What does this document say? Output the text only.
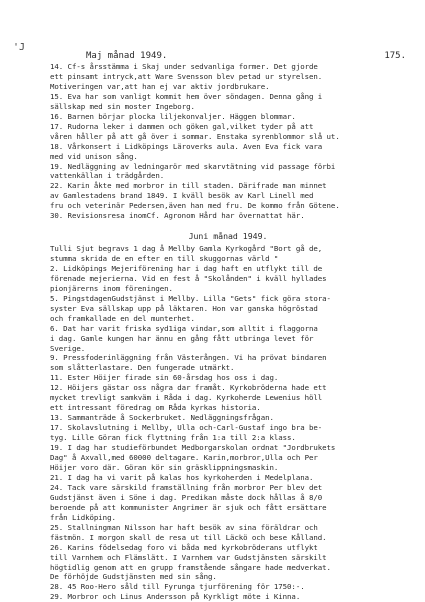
'J

Maj månad 1949.

	175.

14. Cf-s årsstämma i Skaj under sedvanliga former. Det gjorde
ett pinsamt intryck,att Ware Svensson blev petad ur styrelsen.
Motiveringen var,att han ej var aktiv jordbrukare.
15. Eva har som vanligt kommit hem över söndagen. Denna gång i
sällskap med sin moster Ingeborg.
16. Barnen börjar plocka liljekonvaljer. Häggen blommar.
17. Rudorna leker i dammen och göken gal,vilket tyder på att
våren håller på att gå över i sommar. Enstaka syrenblommor slå ut.
18. Vårkonsert i Lidköpings Läroverks aula. Aven Eva fick vara
med vid unison sång.
19. Nedläggning av ledningarör med skarvtätning vid passage förbi
vattenkällan i trädgården.
22. Karin åkte med morbror in till staden. Därifrade man minnet
av Gamlestadens brand 1849. I kväll besök av Karl Linell med
fru och veterinär Pedersen,även han med fru. De kommo från Götene.
30. Revisionsresa inomCf. Agronom Hård har övernattat här.
Juni månad 1949.
Tulli Sjut begravs 1 dag å Mellby Gamla Kyrkogård "Bort gå de,
stumma skrida de en efter en till skuggornas värld "
2. Lidköpings Mejeriförening har i dag haft en utflykt till de
förenade mejerierna. Vid en fest å "Skolånden" i kväll hyllades
pionjärerns inom föreningen.
5. PingstdagenGudstjänst i Mellby. Lilla "Gets" fick göra stora-
syster Eva sällskap upp på läktaren. Hon var ganska högröstad
och framkallade en del munterhet.
6. Dat har varit friska syd1iga vindar,som alltit i flaggorna
i dag. Gamle kungen har ännu en gång fått utbringa levet för
Sverige.
9. Pressfoderinläggning från Västerången. Vi ha prövat bindaren
som slåtterlastare. Den fungerade utmärkt.
11. Ester Höijer firade sin 60-årsdag hos oss i dag.
12. Höijers gästar oss några dar framåt. Kyrkobröderna hade ett
mycket trevligt samkväm i Råda i dag. Kyrkoherde Lewenius höll
ett intressant föredrag om Råda kyrkas historia.
13. Sammanträde å Sockerbruket. Nedläggningsfrågan.
17. Skolavslutning i Mellby, Ulla och-Carl-Gustaf ingo bra be-
tyg. Lille Göran fick flyttning från 1:a till 2:a klass.
19. I dag har studieförbundet Medborgarskolan ordnat "Jordbrukets
Dag" å Axvall,med 60000 deltagare. Karin,morbror,Ulla och Per
Höijer voro där. Göran kör sin gräsklippningsmaskin.
21. I dag ha vi varit på kalas hos kyrkoherden i Medelplana.
24. Tack vare särskild framställning från morbror Per blev det
Gudstjänst även i Söne i dag. Predikan måste dock hållas å 8/0
beroende på att kommunister Angrimer är sjuk och fått ersättare
från Lidköping.
25. Stallningman Nilsson har haft besök av sina föräldrar och
fästmön. I morgon skall de resa ut till Läckö och bese Kålland.
26. Karins födelsedag foro vi båda med kyrkobröderans utflykt
till Varnhem och Flämslätt. I Varnhem var Gudstjänsten särskilt
högtidlig genom att en grupp framstående sångare hade medverkat.
De förhöjde Gudstjänsten med sin sång.
28. 45 Roo-Hero såld till Fyrunga tjurförening för 1750:-.
29. Morbror och Linus Andersson på Kyrkligt möte i Kinna.
